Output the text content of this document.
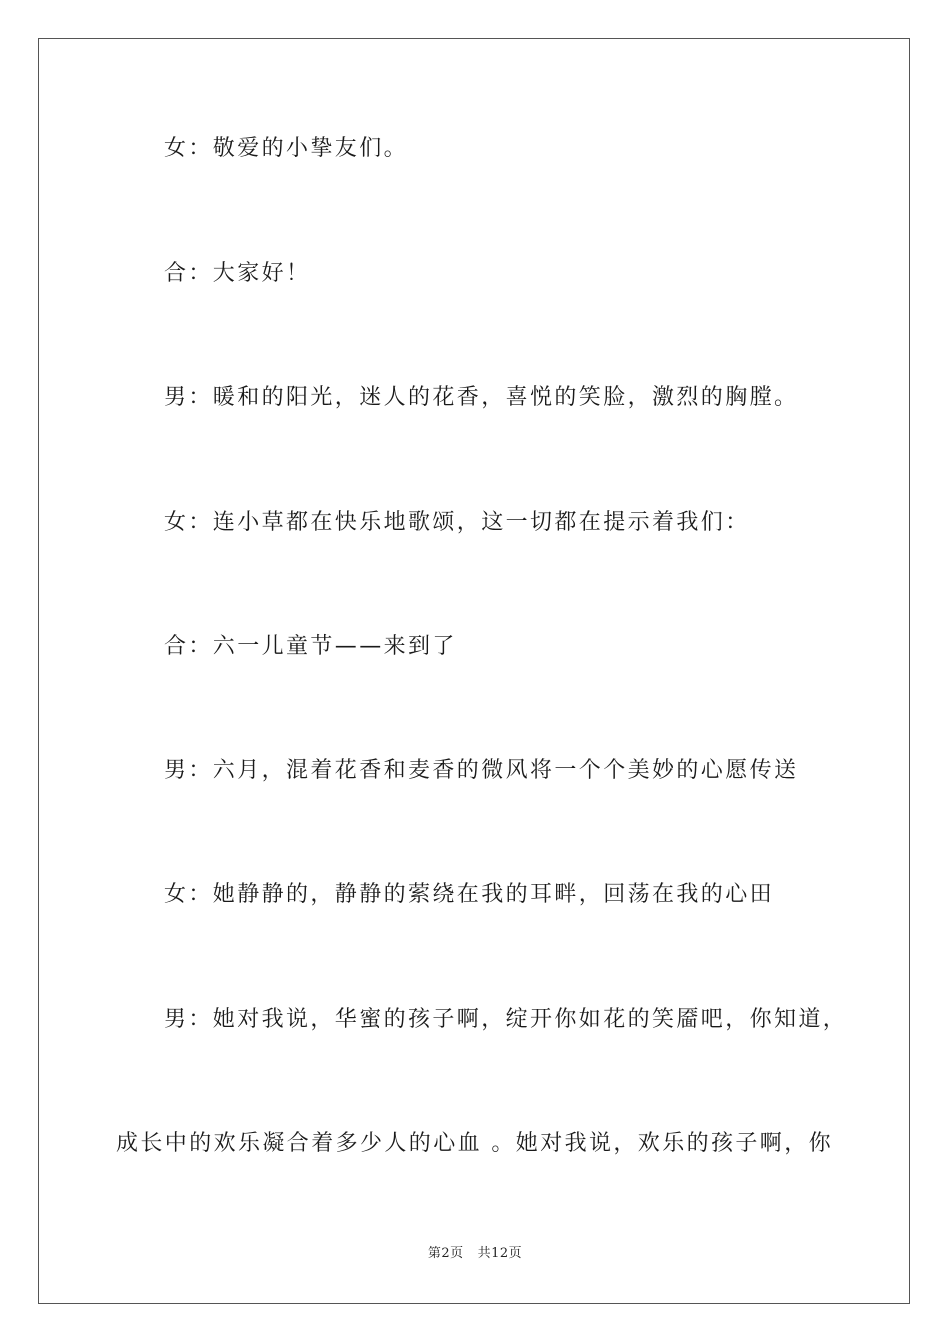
女：敬爱的小挚友们。
合：大家好！
男：暖和的阳光，迷人的花香，喜悦的笑脸，激烈的胸膛。
女：连小草都在快乐地歌颂，这一切都在提示着我们：
合：六一儿童节——来到了
男：六月，混着花香和麦香的微风将一个个美妙的心愿传送
女：她静静的，静静的萦绕在我的耳畔，回荡在我的心田
男：她对我说，华蜜的孩子啊，绽开你如花的笑靥吧，你知道，
成长中的欢乐凝合着多少人的心血 。她对我说，欢乐的孩子啊，你
第2页 共12页
